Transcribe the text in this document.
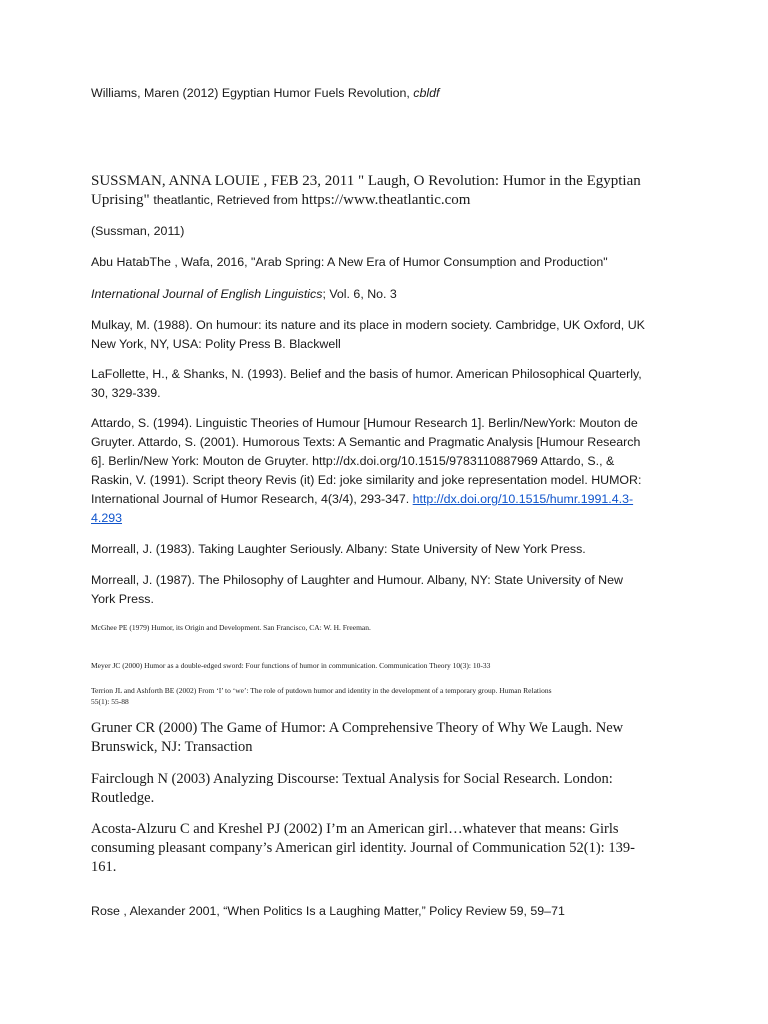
Williams, Maren (2012) Egyptian Humor Fuels Revolution, cbldf

SUSSMAN, ANNA LOUIE , FEB 23, 2011 " Laugh, O Revolution: Humor in the Egyptian

Uprising" theatlantic, Retrieved from https://www.theatlantic.com

(Sussman, 2011)

Abu HatabThe , Wafa, 2016, "Arab Spring: A New Era of Humor Consumption and Production"

International Journal of English Linguistics; Vol. 6, No. 3

Mulkay, M. (1988). On humour: its nature and its place in modern society. Cambridge, UK Oxford, UK

New York, NY, USA: Polity Press B. Blackwell

LaFollette, H., & Shanks, N. (1993). Belief and the basis of humor. American Philosophical Quarterly,

30, 329-339.

Attardo, S. (1994). Linguistic Theories of Humour [Humour Research 1]. Berlin/NewYork: Mouton de

Gruyter. Attardo, S. (2001). Humorous Texts: A Semantic and Pragmatic Analysis [Humour Research

6]. Berlin/New York: Mouton de Gruyter. http://dx.doi.org/10.1515/9783110887969 Attardo, S., &

Raskin, V. (1991). Script theory Revis (it) Ed: joke similarity and joke representation model. HUMOR:

International Journal of Humor Research, 4(3/4), 293-347. http://dx.doi.org/10.1515/humr.1991.4.3-

4.293

Morreall, J. (1983). Taking Laughter Seriously. Albany: State University of New York Press.

Morreall, J. (1987). The Philosophy of Laughter and Humour. Albany, NY: State University of New

York Press.

McGhee PE (1979) Humor, its Origin and Development. San Francisco, CA: W. H. Freeman.

Meyer JC (2000) Humor as a double-edged sword: Four functions of humor in communication. Communication Theory 10(3): 10-33

Terrion JL and Ashforth BE (2002) From ‘I’ to ‘we’: The role of putdown humor and identity in the development of a temporary group. Human Relations

55(1): 55-88

Gruner CR (2000) The Game of Humor: A Comprehensive Theory of Why We Laugh. New

Brunswick, NJ: Transaction

Fairclough N (2003) Analyzing Discourse: Textual Analysis for Social Research. London:

Routledge.

Acosta-Alzuru C and Kreshel PJ (2002) I’m an American girl…whatever that means: Girls

consuming pleasant company’s American girl identity. Journal of Communication 52(1): 139-

161.

Rose , Alexander 2001, “When Politics Is a Laughing Matter,” Policy Review 59, 59–71
